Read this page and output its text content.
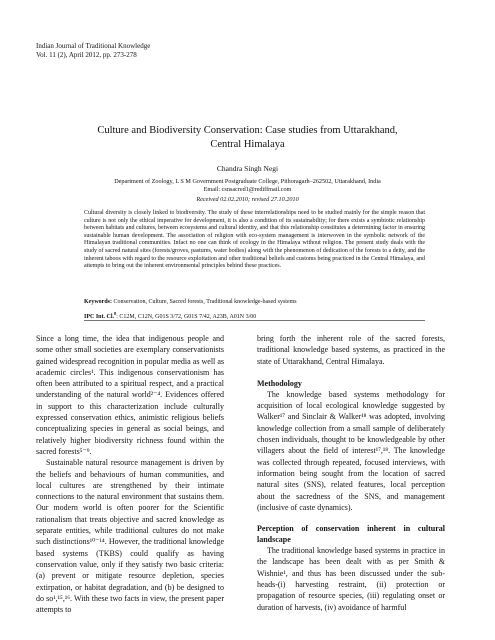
Indian Journal of Traditional Knowledge
Vol. 11 (2), April 2012, pp. 273-278
Culture and Biodiversity Conservation: Case studies from Uttarakhand,
Central Himalaya
Chandra Singh Negi
Department of Zoology, L S M Government Postgraduate College, Pithoragarh–262502, Uttarakhand, India
Email: csnsacred1@rediffmail.com
Received 02.02.2010; revised 27.10.2010
Cultural diversity is closely linked to biodiversity. The study of these interrelationships need to be studied mainly for the simple reason that culture is not only the ethical imperative for development, it is also a condition of its sustainability; for there exists a symbiotic relationship between habitats and cultures, between ecosystems and cultural identity, and that this relationship constitutes a determining factor in ensuring sustainable human development. The association of religion with eco-system management is interwoven in the symbolic network of the Himalayan traditional communities. Infact no one can think of ecology in the Himalaya without religion. The present study deals with the study of sacred natural sites (forests/groves, pastures, water bodies) along with the phenomenon of dedication of the forests to a deity, and the inherent taboos with regard to the resource exploitation and other traditional beliefs and customs being practiced in the Central Himalaya, and attempts to bring out the inherent environmental principles behind these practices.
Keywords: Conservation, Culture, Sacred forests, Traditional knowledge-based systems
IPC Int. Cl.$^8$: C12M, C12N, G01S 3/72, G01S 7/42, A23B, A01N 3/00

Since a long time, the idea that indigenous people and some other small societies are exemplary conservationists gained widespread recognition in popular media as well as academic circles¹. This indigenous conservationism has often been attributed to a spiritual respect, and a practical understanding of the natural world²⁻⁴. Evidences offered in support to this characterization include culturally expressed conservation ethics, animistic religious beliefs conceptualizing species in general as social beings, and relatively higher biodiversity richness found within the sacred forests⁵⁻⁹.

Sustainable natural resource management is driven by the beliefs and behaviours of human communities, and local cultures are strengthened by their intimate connections to the natural environment that sustains them. Our modern world is often poorer for the Scientific rationalism that treats objective and sacred knowledge as separate entities, while traditional cultures do not make such distinctions¹⁰⁻¹⁴. However, the traditional knowledge based systems (TKBS) could qualify as having conservation value, only if they satisfy two basic criteria: (a) prevent or mitigate resource depletion, species extirpation, or habitat degradation, and (b) be designed to do so¹,¹⁵,¹⁶. With these two facts in view, the present paper attempts to

bring forth the inherent role of the sacred forests, traditional knowledge based systems, as practiced in the state of Uttarakhand, Central Himalaya.

Methodology

The knowledge based systems methodology for acquisition of local ecological knowledge suggested by Walker¹⁷ and Sinclair & Walker¹⁸ was adopted, involving knowledge collection from a small sample of deliberately chosen individuals, thought to be knowledgeable by other villagers about the field of interest¹⁷,¹⁸. The knowledge was collected through repeated, focused interviews, with information being sought from the location of sacred natural sites (SNS), related features, local perception about the sacredness of the SNS, and management (inclusive of caste dynamics).

Perception of conservation inherent in cultural landscape

The traditional knowledge based systems in practice in the landscape has been dealt with as per Smith & Wishnie¹, and thus has been discussed under the sub-heads-(i) harvesting restraint, (ii) protection or propagation of resource species, (iii) regulating onset or duration of harvests, (iv) avoidance of harmful
